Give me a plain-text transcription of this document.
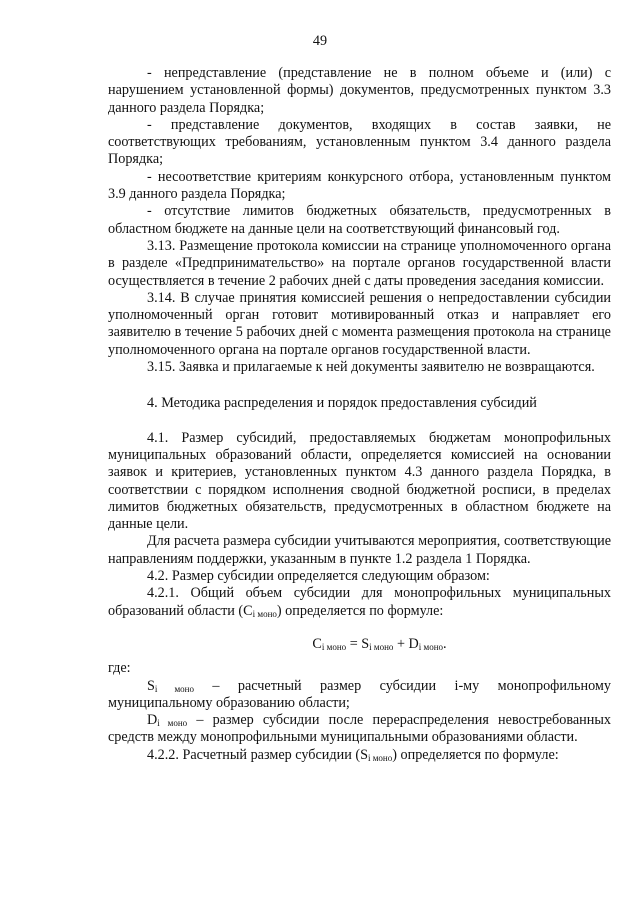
49

- непредставление (представление не в полном объеме и (или) с нарушением установленной формы) документов, предусмотренных пунктом 3.3 данного раздела Порядка;

- представление документов, входящих в состав заявки, не соответствующих требованиям, установленным пунктом 3.4 данного раздела Порядка;

- несоответствие критериям конкурсного отбора, установленным пунктом 3.9 данного раздела Порядка;

- отсутствие лимитов бюджетных обязательств, предусмотренных в областном бюджете на данные цели на соответствующий финансовый год.

3.13. Размещение протокола комиссии на странице уполномоченного органа в разделе «Предпринимательство» на портале органов государственной власти осуществляется в течение 2 рабочих дней с даты проведения заседания комиссии.

3.14. В случае принятия комиссией решения о непредоставлении субсидии уполномоченный орган готовит мотивированный отказ и направляет его заявителю в течение 5 рабочих дней с момента размещения протокола на странице уполномоченного органа на портале органов государственной власти.

3.15. Заявка и прилагаемые к ней документы заявителю не возвращаются.

4. Методика распределения и порядок предоставления субсидий

4.1. Размер субсидий, предоставляемых бюджетам монопрофильных муниципальных образований области, определяется комиссией на основании заявок и критериев, установленных пунктом 4.3 данного раздела Порядка, в соответствии с порядком исполнения сводной бюджетной росписи, в пределах лимитов бюджетных обязательств, предусмотренных в областном бюджете на данные цели.

Для расчета размера субсидии учитываются мероприятия, соответствующие направлениям поддержки, указанным в пункте 1.2 раздела 1 Порядка.

4.2. Размер субсидии определяется следующим образом:

4.2.1. Общий объем субсидии для монопрофильных муниципальных образований области $(С_{i моно})$ определяется по формуле:

$С_{i моно} = S_{i моно} + D_{i моно}$.

где:

$S_{i моно}$ – расчетный размер субсидии i-му монопрофильному муниципальному образованию области;

$D_{i моно}$ – размер субсидии после перераспределения невостребованных средств между монопрофильными муниципальными образованиями области.

4.2.2. Расчетный размер субсидии $(S_{i моно})$ определяется по формуле:
